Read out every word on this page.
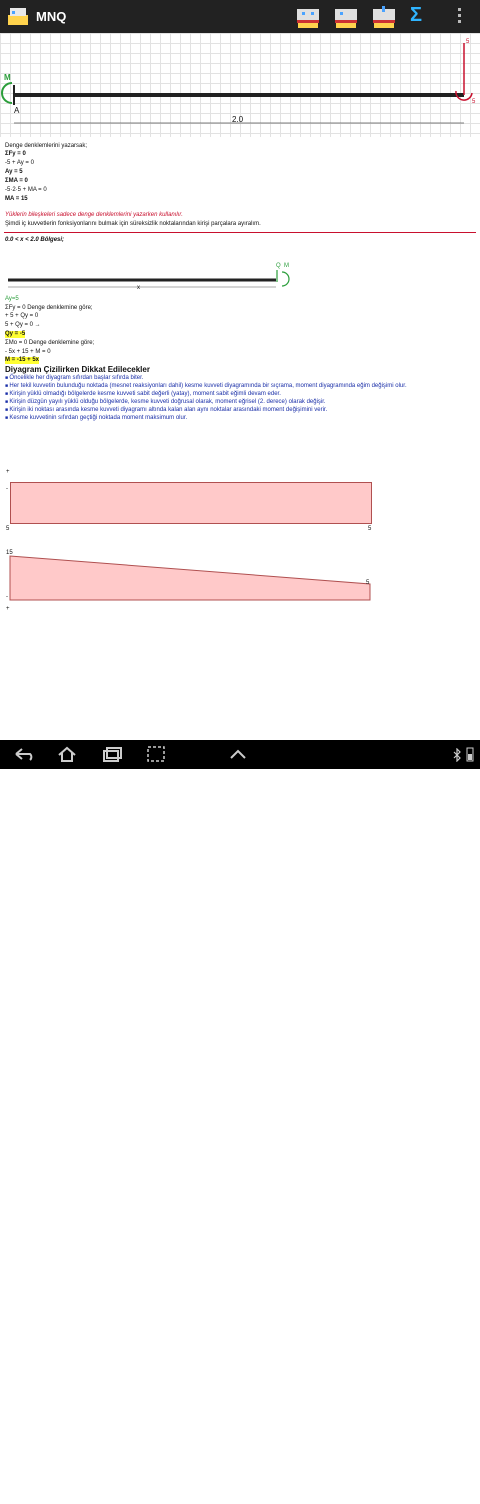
MNQ	Σ
M
A
2.0
5
5
Denge denklemlerini yazarsak;
ΣFy = 0
-5 + Ay = 0
Ay = 5
ΣMA = 0
-5·2·5 + MA = 0
MA = 15
Yüklerin bileşkeleri sadece denge denklemlerini yazarken kullanılır.
Şimdi iç kuvvetlerin fonksiyonlarını bulmak için süreksizlik noktalarından kirişi parçalara ayıralım.
0.0 < x < 2.0 Bölgesi;
Q M
x
Ay=5
ΣFy = 0 Denge denklemine göre;
+ 5 + Qy = 0
5 + Qy = 0 →
Qy = -5
ΣMo = 0 Denge denklemine göre;
- 5x + 15 + M = 0
M = -15 + 5x
Diyagram Çizilirken Dikkat Edilecekler
■ Öncelikle her diyagram sıfırdan başlar sıfırda biter.
■ Her tekil kuvvetin bulunduğu noktada (mesnet reaksiyonları dahil) kesme kuvveti diyagramında bir sıçrama, moment diyagramında eğim değişimi olur.
■ Kirişin yüklü olmadığı bölgelerde kesme kuvveti sabit değerli (yatay), moment sabit eğimli devam eder.
■ Kirişin düzgün yayılı yüklü olduğu bölgelerde, kesme kuvveti doğrusal olarak, moment eğrisel (2. derece) olarak değişir.
■ Kirişin iki noktası arasında kesme kuvveti diyagramı altında kalan alan aynı noktalar arasındaki moment değişimini verir.
■ Kesme kuvvetinin sıfırdan geçtiği noktada moment maksimum olur.
+
-
5	5
15
5
-
+
21:37
